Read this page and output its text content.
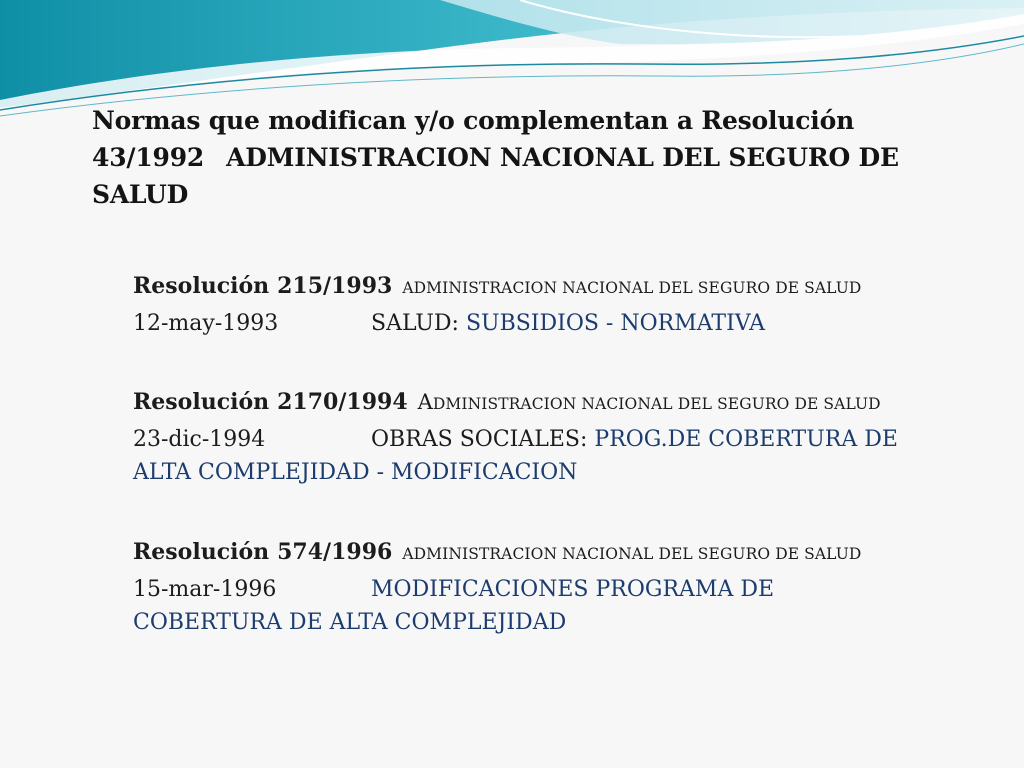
Normas que modifican y/o complementan a Resolución
43/1992 ADMINISTRACION NACIONAL DEL SEGURO DE
SALUD
Resolución 215/1993 ADMINISTRACION NACIONAL DEL SEGURO DE SALUD
12-may-1993	SALUD: SUBSIDIOS - NORMATIVA
Resolución 2170/1994 ADMINISTRACION NACIONAL DEL SEGURO DE SALUD
23-dic-1994	OBRAS SOCIALES: PROG.DE COBERTURA DE
ALTA COMPLEJIDAD - MODIFICACION
Resolución 574/1996 ADMINISTRACION NACIONAL DEL SEGURO DE SALUD
15-mar-1996	MODIFICACIONES PROGRAMA DE
COBERTURA DE ALTA COMPLEJIDAD
